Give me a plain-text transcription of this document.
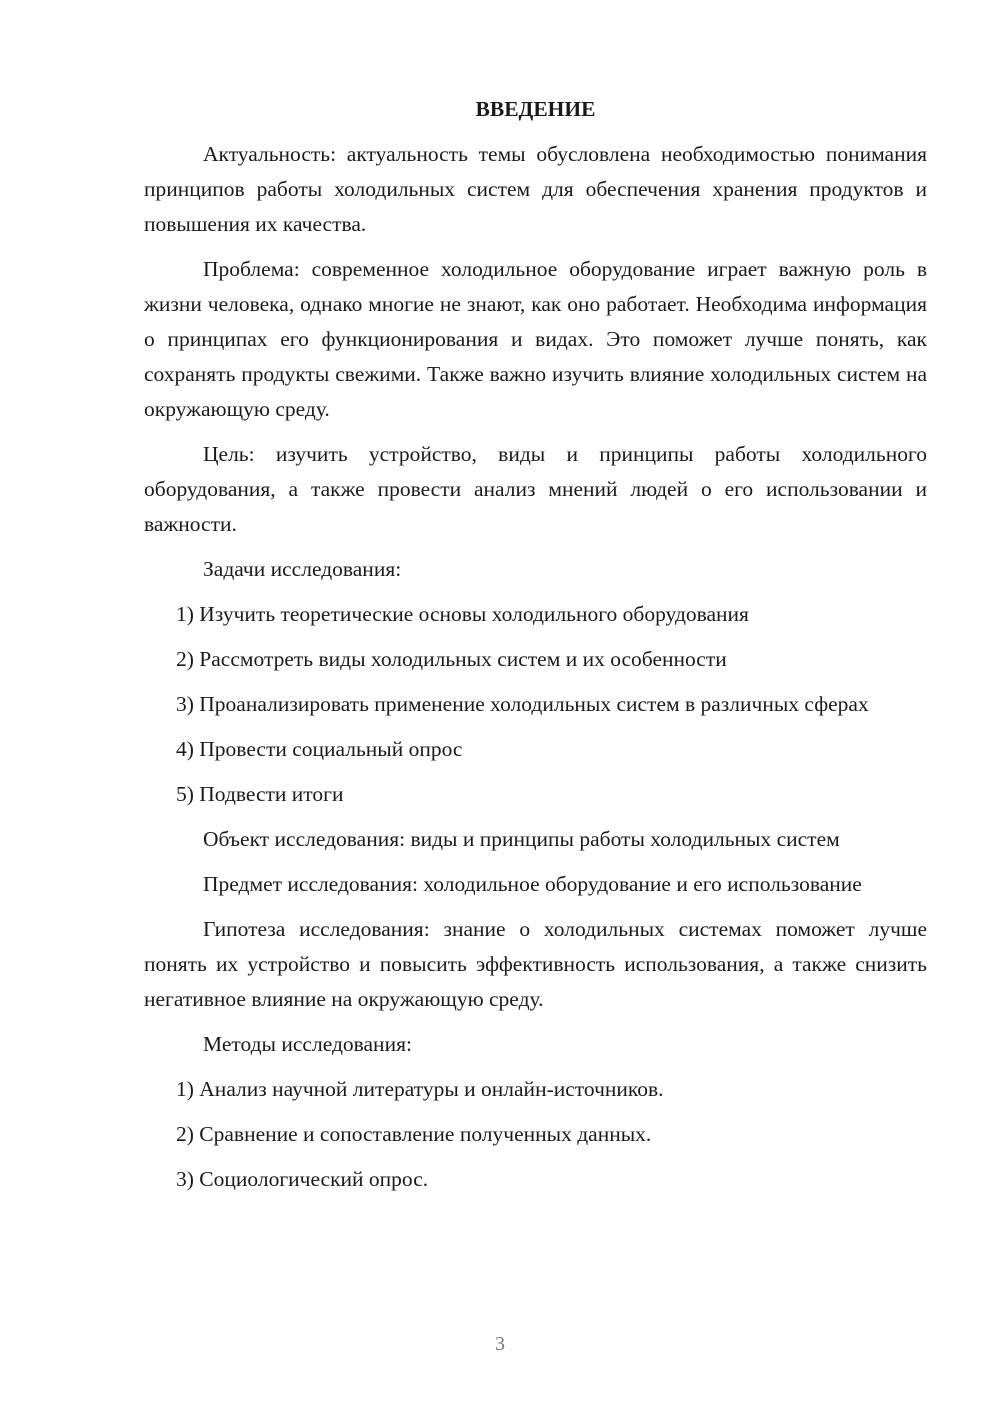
ВВЕДЕНИЕ

Актуальность: актуальность темы обусловлена необходимостью понимания принципов работы холодильных систем для обеспечения хранения продуктов и повышения их качества.

Проблема: современное холодильное оборудование играет важную роль в жизни человека, однако многие не знают, как оно работает. Необходима информация о принципах его функционирования и видах. Это поможет лучше понять, как сохранять продукты свежими. Также важно изучить влияние холодильных систем на окружающую среду.

Цель: изучить устройство, виды и принципы работы холодильного оборудования, а также провести анализ мнений людей о его использовании и важности.

Задачи исследования:

1) Изучить теоретические основы холодильного оборудования

2) Рассмотреть виды холодильных систем и их особенности

3) Проанализировать применение холодильных систем в различных сферах

4) Провести социальный опрос

5) Подвести итоги

Объект исследования: виды и принципы работы холодильных систем

Предмет исследования: холодильное оборудование и его использование

Гипотеза исследования: знание о холодильных системах поможет лучше понять их устройство и повысить эффективность использования, а также снизить негативное влияние на окружающую среду.

Методы исследования:

1) Анализ научной литературы и онлайн-источников.

2) Сравнение и сопоставление полученных данных.

3) Социологический опрос.

3
